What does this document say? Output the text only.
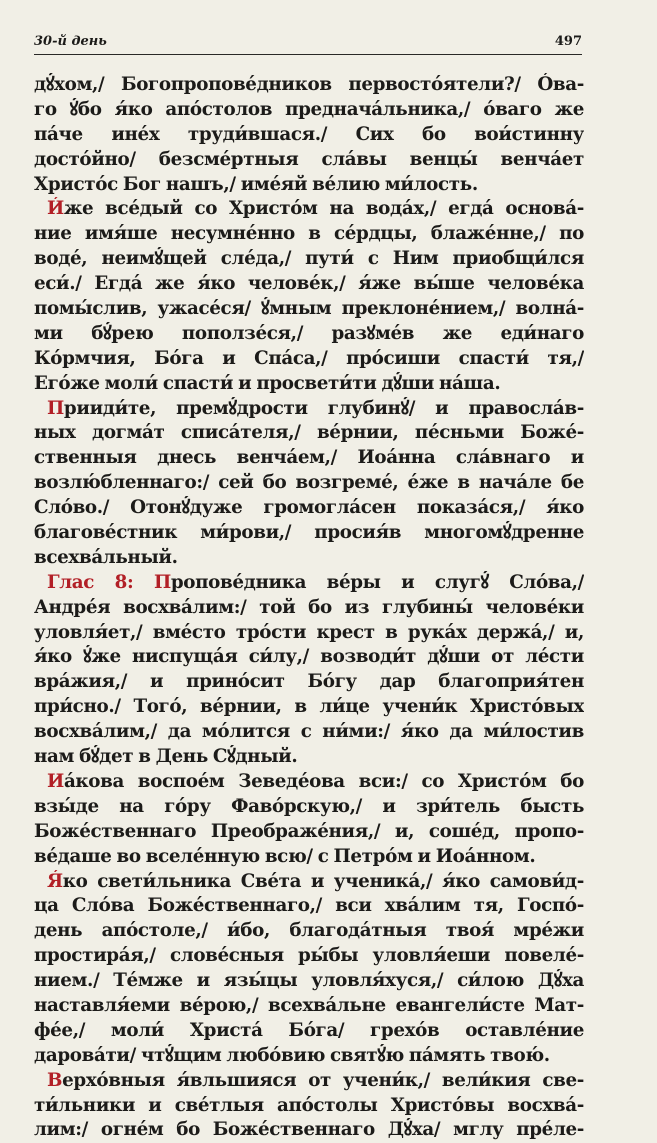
30-й день	497
дꙋ́хом,/ Богопропове́дников первосто́ятели?/ О́ва-
го ꙋ́бо я́ко апо́столов предначáльника,/ о́ваго же
пáче ине́х труди́вшася./ Сих бо вои́стинну
достóйно/ безсме́ртныя слáвы венцы́ венчáет
Христо́с Бог нашъ,/ име́яй ве́лию ми́лость.
И́же все́дый со Христо́м на водáх,/ егдá основá-
ние имя́ше несумне́нно в се́рдцы, блаже́нне,/ по
водé, неимꙋ́щей сле́да,/ пути́ с Ним приобщи́лся
еси́./ Егдá же я́ко челове́к,/ я́же вы́ше челове́ка
помы́слив, ужасе́ся/ ꙋ́мным преклоне́нием,/ волнá-
ми бꙋ́рею поползе́ся,/ разꙋме́в же еди́наго
Ко́рмчия, Бо́га и Спáса,/ про́сиши спасти́ тя,/
Его́же моли́ спасти́ и просвети́ти дꙋ́ши нáша.
Прииди́те, премꙋ́дрости глубинꙋ́/ и правослáв-
ных догмáт списáтеля,/ ве́рнии, пе́сньми Боже́-
ственныя днесь венчáем,/ Иоáнна слáвнаго и
возлю́бленнаго:/ сей бо возгреме́, е́же в начáле бе
Сло́во./ Отонꙋ́дуже громоглáсен показáся,/ я́ко
благове́стник ми́рови,/ просия́в многомꙋ́дренне
всехвáльный.
Глас 8: Пропове́дника ве́ры и слугꙋ́ Сло́ва,/
Андре́я восхвáлим:/ той бо из глубины́ челове́ки
уловля́ет,/ вме́сто тро́сти крест в рукáх держá,/ и,
я́ко ꙋ́же ниспущáя си́лу,/ возводи́т дꙋ́ши от ле́сти
врáжия,/ и прино́сит Бо́гу дар благоприя́тен
при́сно./ Того́, ве́рнии, в ли́це учени́к Христо́вых
восхвáлим,/ да мо́лится с ни́ми:/ я́ко да ми́лостив
нам бꙋ́дет в День Сꙋ́дный.
Иáкова воспое́м Зеведе́ова вси:/ со Христо́м бо
взы́де на го́ру Фаво́рскую,/ и зри́тель бысть
Боже́ственнаго Преображе́ния,/ и, соше́д, пропо-
ве́даше во вселе́нную всю/ с Петро́м и Иоáнном.
Я́ко свети́льника Све́та и ученикá,/ я́ко самови́д-
ца Сло́ва Боже́ственнаго,/ вси хвáлим тя, Госпо́-
день апо́столе,/ и́бо, благодáтныя твоя́ мре́жи
простирáя,/ слове́сныя ры́бы уловля́еши повеле́-
нием./ Те́мже и язы́цы уловля́хуся,/ си́лою Дꙋ́ха
наставля́еми ве́рою,/ всехвáльне евангели́сте Мат-
фе́е,/ моли́ Христá Бо́га/ грехо́в оставле́ние
даровáти/ чтꙋ́щим любо́вию святꙋ́ю пáмять твою́.
Верхо́вныя я́вльшияся от учени́к,/ вели́кия све-
ти́льники и све́тлыя апо́столы Христо́вы восхвá-
лим:/ огне́м бо Боже́ственнаго Дꙋ́ха/ мглу пре́ле-
